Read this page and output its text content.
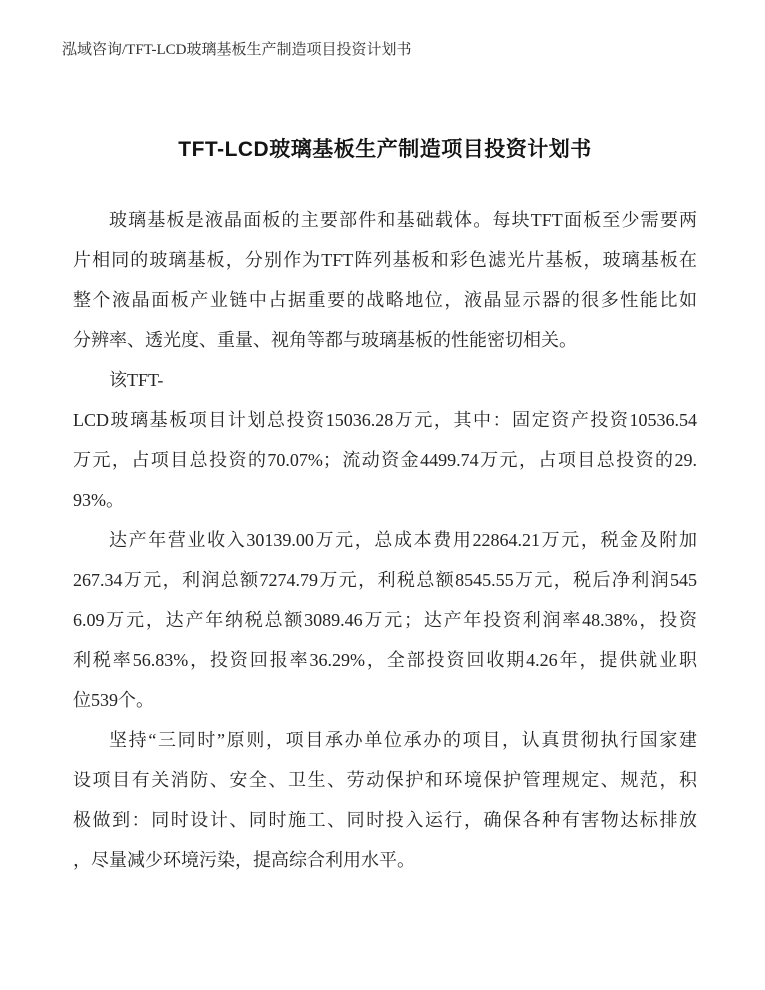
泓域咨询/TFT-LCD玻璃基板生产制造项目投资计划书
TFT-LCD玻璃基板生产制造项目投资计划书
玻璃基板是液晶面板的主要部件和基础载体。每块TFT面板至少需要两
片相同的玻璃基板，分别作为TFT阵列基板和彩色滤光片基板，玻璃基板在
整个液晶面板产业链中占据重要的战略地位，液晶显示器的很多性能比如
分辨率、透光度、重量、视角等都与玻璃基板的性能密切相关。
该TFT-
LCD玻璃基板项目计划总投资15036.28万元，其中：固定资产投资10536.54
万元，占项目总投资的70.07%；流动资金4499.74万元，占项目总投资的29.
93%。
达产年营业收入30139.00万元，总成本费用22864.21万元，税金及附加
267.34万元，利润总额7274.79万元，利税总额8545.55万元，税后净利润545
6.09万元，达产年纳税总额3089.46万元；达产年投资利润率48.38%，投资
利税率56.83%，投资回报率36.29%，全部投资回收期4.26年，提供就业职
位539个。
坚持“三同时”原则，项目承办单位承办的项目，认真贯彻执行国家建
设项目有关消防、安全、卫生、劳动保护和环境保护管理规定、规范，积
极做到：同时设计、同时施工、同时投入运行，确保各种有害物达标排放
，尽量减少环境污染，提高综合利用水平。
